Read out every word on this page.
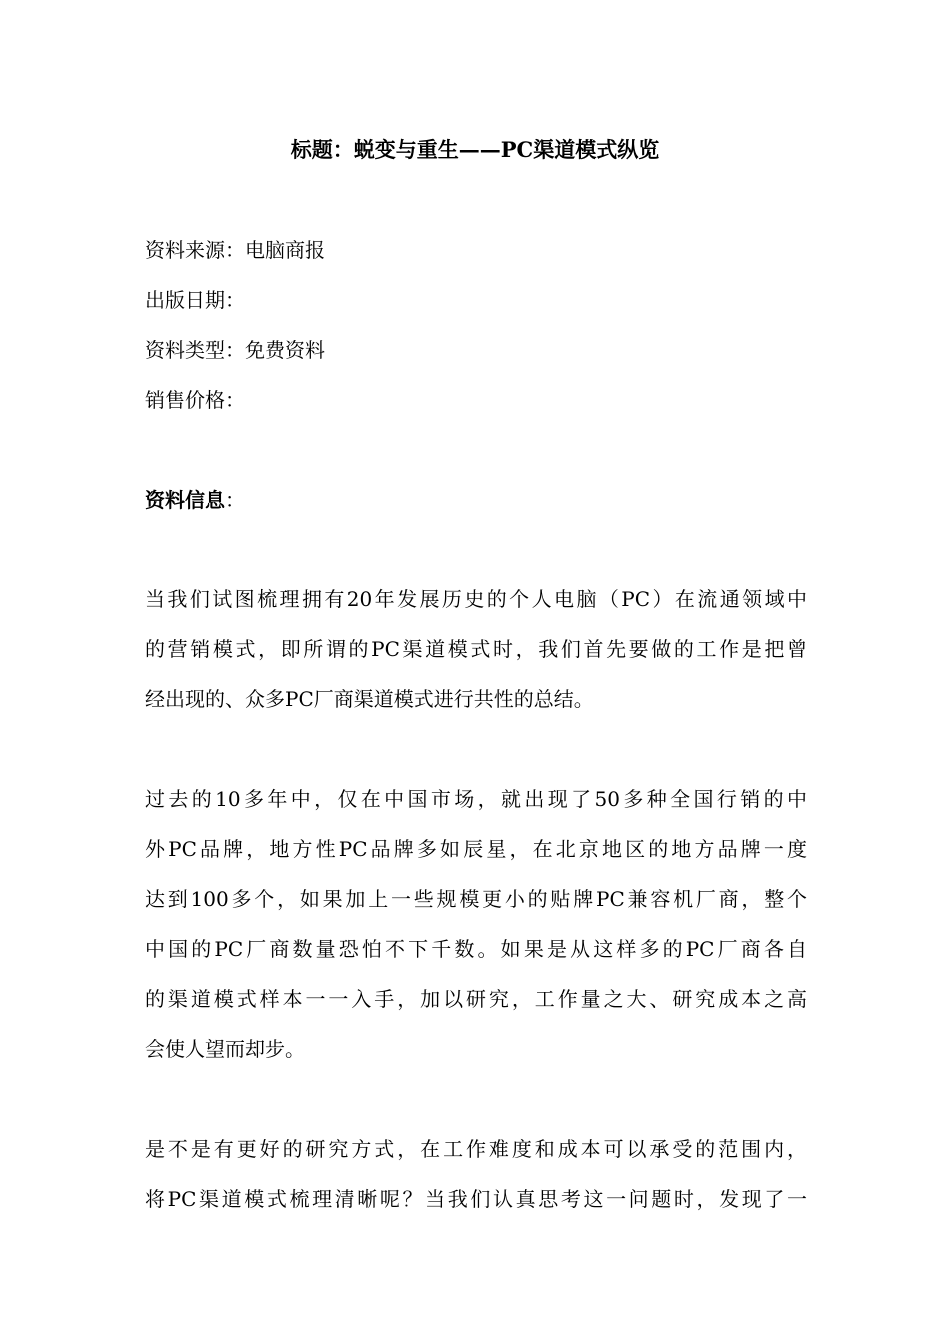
标题：蜕变与重生——PC渠道模式纵览
资料来源：电脑商报
出版日期：
资料类型：免费资料
销售价格：
资料信息：
当我们试图梳理拥有20年发展历史的个人电脑（PC）在流通领域中
的营销模式，即所谓的PC渠道模式时，我们首先要做的工作是把曾
经出现的、众多PC厂商渠道模式进行共性的总结。
过去的10多年中，仅在中国市场，就出现了50多种全国行销的中
外PC品牌，地方性PC品牌多如辰星，在北京地区的地方品牌一度
达到100多个，如果加上一些规模更小的贴牌PC兼容机厂商，整个
中国的PC厂商数量恐怕不下千数。如果是从这样多的PC厂商各自
的渠道模式样本一一入手，加以研究，工作量之大、研究成本之高
会使人望而却步。
是不是有更好的研究方式，在工作难度和成本可以承受的范围内，
将PC渠道模式梳理清晰呢？当我们认真思考这一问题时，发现了一
